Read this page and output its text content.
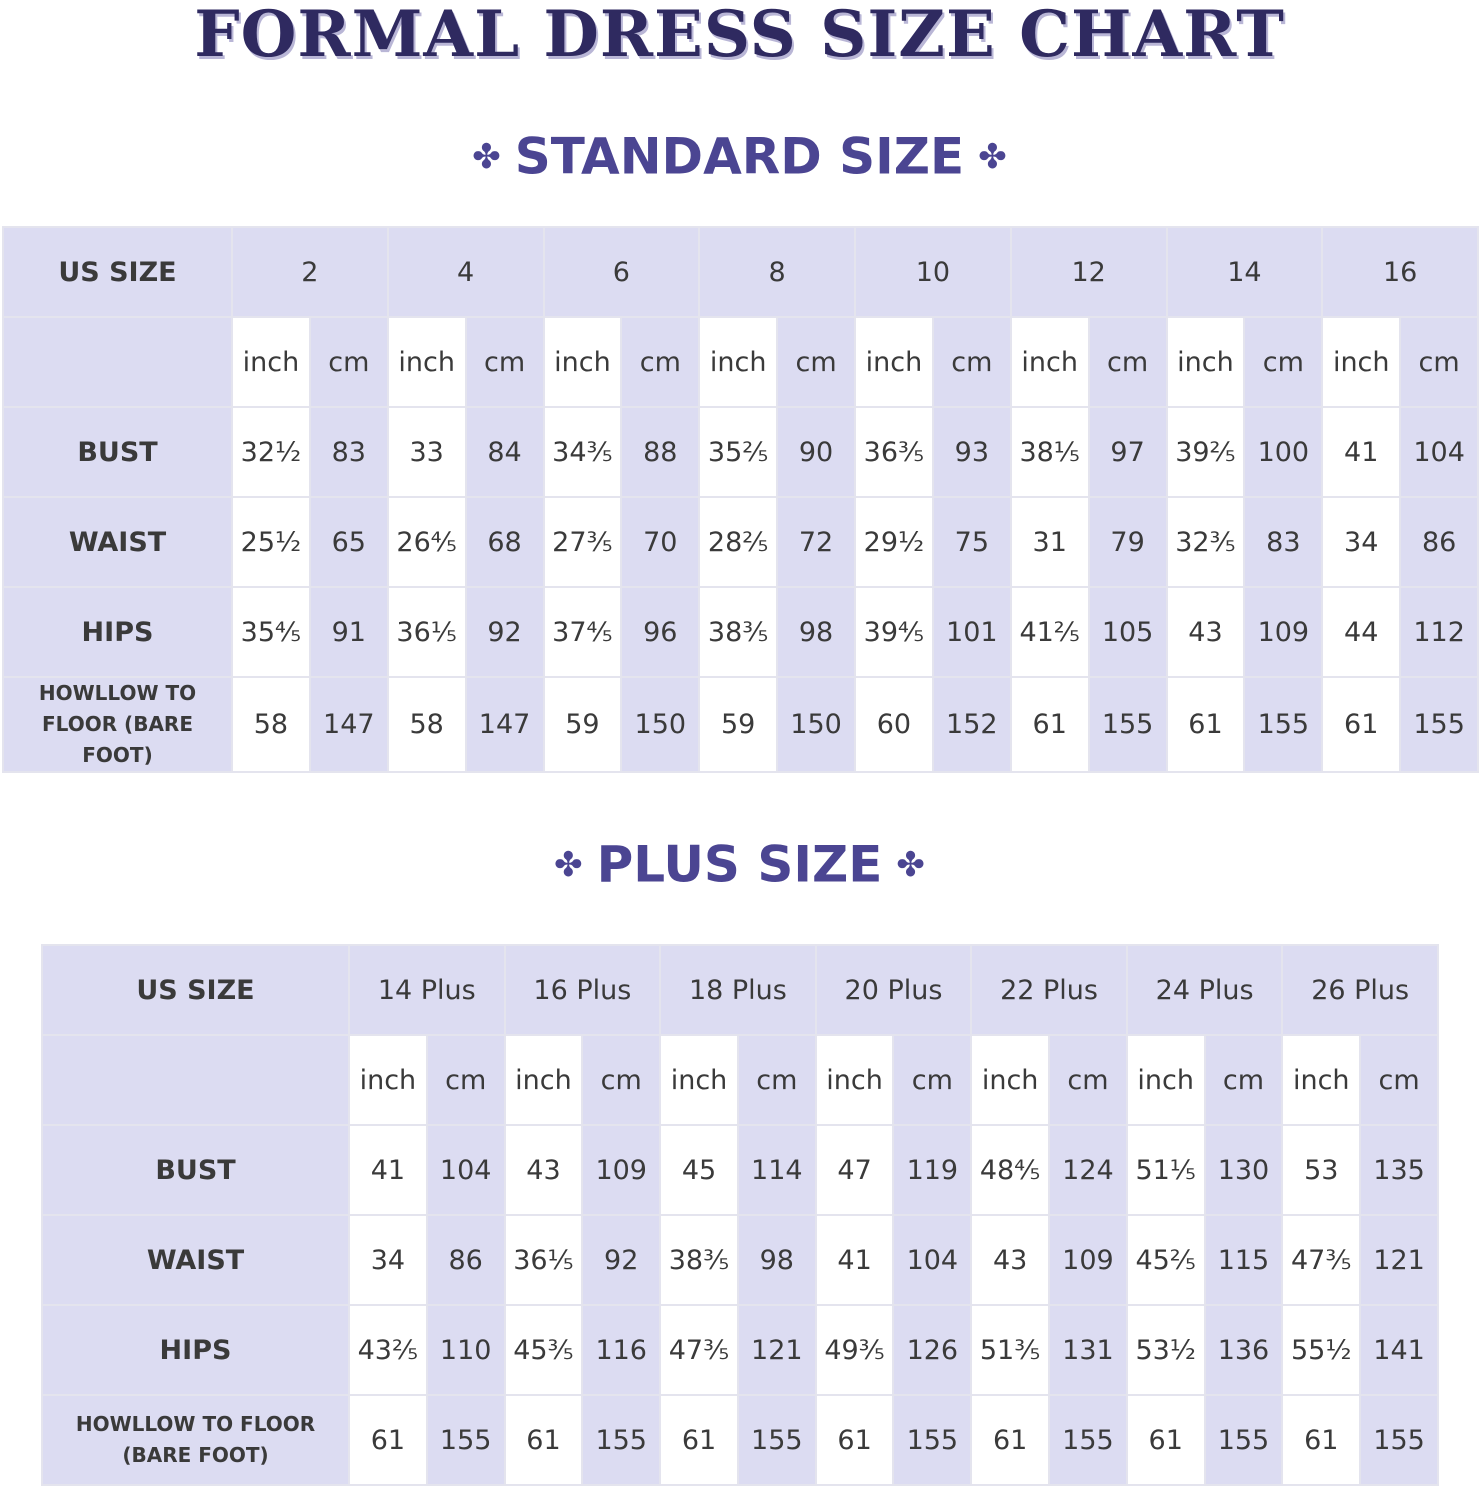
FORMAL DRESS SIZE CHART
✤ STANDARD SIZE ✤
US SIZE	2		4		6		8		10		12		14		16	
	inch	cm	inch	cm	inch	cm	inch	cm	inch	cm	inch	cm	inch	cm	inch	cm
BUST	32½	83	33	84	34⅗	88	35⅖	90	36⅗	93	38⅕	97	39⅖	100	41	104
WAIST	25½	65	26⅘	68	27⅗	70	28⅖	72	29½	75	31	79	32⅗	83	34	86
HIPS	35⅘	91	36⅕	92	37⅘	96	38⅗	98	39⅘	101	41⅖	105	43	109	44	112
HOWLLOW TO FLOOR (BARE FOOT)	58	147	58	147	59	150	59	150	60	152	61	155	61	155	61	155
✤ PLUS SIZE ✤
US SIZE	14 Plus		16 Plus		18 Plus		20 Plus		22 Plus		24 Plus		26 Plus	
	inch	cm	inch	cm	inch	cm	inch	cm	inch	cm	inch	cm	inch	cm
BUST	41	104	43	109	45	114	47	119	48⅘	124	51⅕	130	53	135
WAIST	34	86	36⅕	92	38⅗	98	41	104	43	109	45⅖	115	47⅗	121
HIPS	43⅖	110	45⅗	116	47⅗	121	49⅗	126	51⅗	131	53½	136	55½	141
HOWLLOW TO FLOOR (BARE FOOT)	61	155	61	155	61	155	61	155	61	155	61	155	61	155
